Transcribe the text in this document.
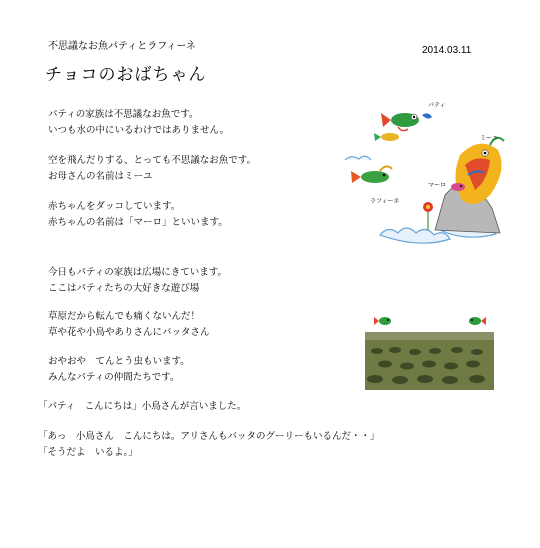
不思議なお魚パティとラフィーネ	2014.03.11
チョコのおばちゃん
パティの家族は不思議なお魚です。
いつも水の中にいるわけではありません。
空を飛んだりする、とっても不思議なお魚です。
お母さんの名前はミーユ
赤ちゃんをダッコしています。
赤ちゃんの名前は「マーロ」といいます。
今日もパティの家族は広場にきています。
ここはパティたちの大好きな遊び場
草原だから転んでも痛くないんだ！
草や花や小鳥やありさんにバッタさん
おやおや　てんとう虫もいます。
みんなパティの仲間たちです。
「パティ　こんにちは」小鳥さんが言いました。
「あっ　小鳥さん　こんにちは。アリさんもバッタのグーリーもいるんだ・・」
「そうだよ　いるよ。」
パティ
ミーユ
マーロ
ラフィーネ
